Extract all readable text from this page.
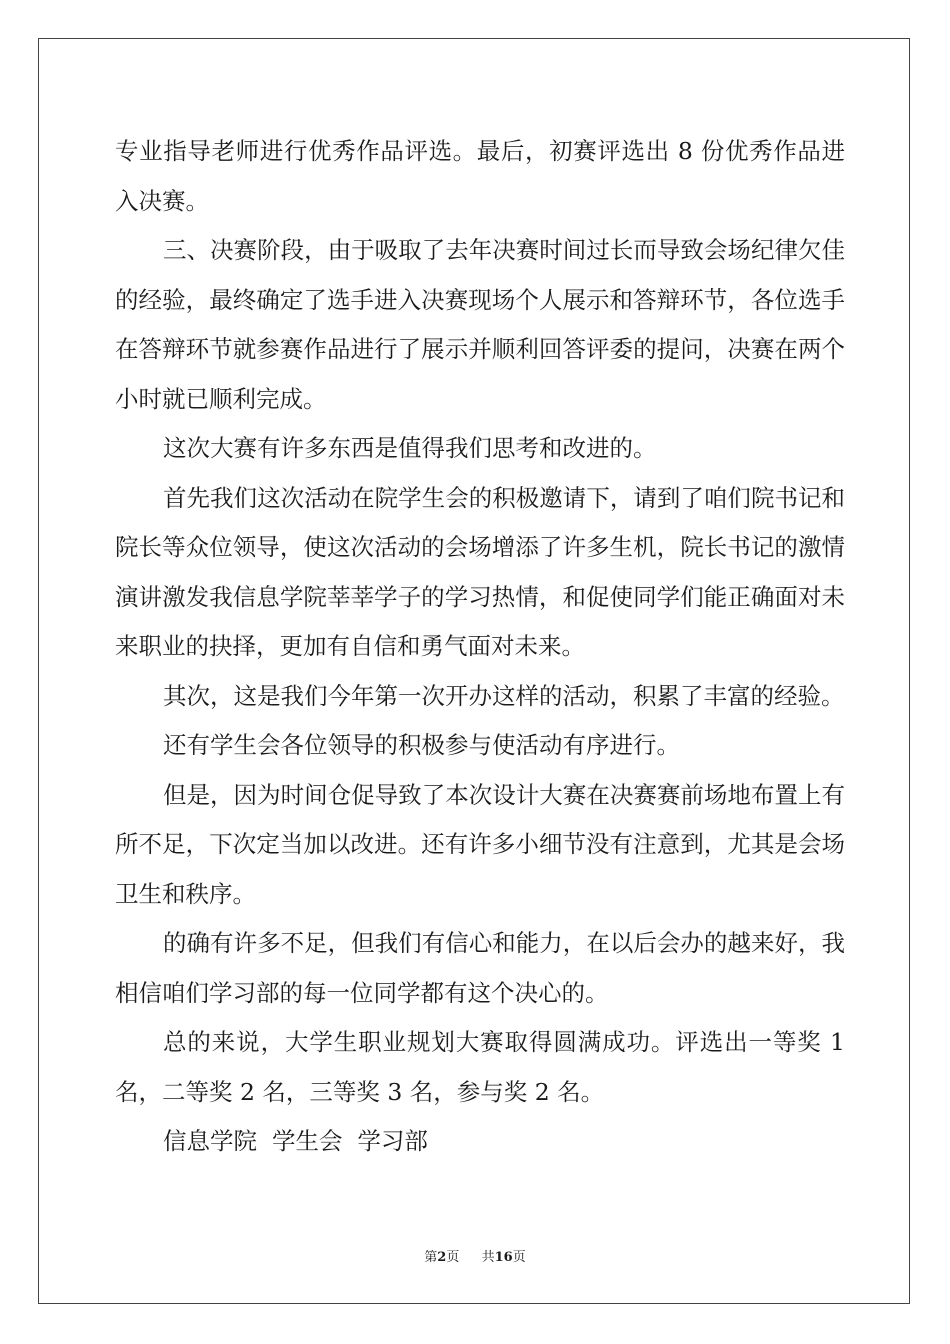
专业指导老师进行优秀作品评选。最后，初赛评选出 8 份优秀作品进入决赛。

三、决赛阶段，由于吸取了去年决赛时间过长而导致会场纪律欠佳的经验，最终确定了选手进入决赛现场个人展示和答辩环节，各位选手在答辩环节就参赛作品进行了展示并顺利回答评委的提问，决赛在两个小时就已顺利完成。

这次大赛有许多东西是值得我们思考和改进的。

首先我们这次活动在院学生会的积极邀请下，请到了咱们院书记和院长等众位领导，使这次活动的会场增添了许多生机，院长书记的激情演讲激发我信息学院莘莘学子的学习热情，和促使同学们能正确面对未来职业的抉择，更加有自信和勇气面对未来。

其次，这是我们今年第一次开办这样的活动，积累了丰富的经验。

还有学生会各位领导的积极参与使活动有序进行。

但是，因为时间仓促导致了本次设计大赛在决赛赛前场地布置上有所不足，下次定当加以改进。还有许多小细节没有注意到，尤其是会场卫生和秩序。

的确有许多不足，但我们有信心和能力，在以后会办的越来好，我相信咱们学习部的每一位同学都有这个决心的。

总的来说，大学生职业规划大赛取得圆满成功。评选出一等奖 1 名，二等奖 2 名，三等奖 3 名，参与奖 2 名。

信息学院  学生会  学习部

第2页 共16页
